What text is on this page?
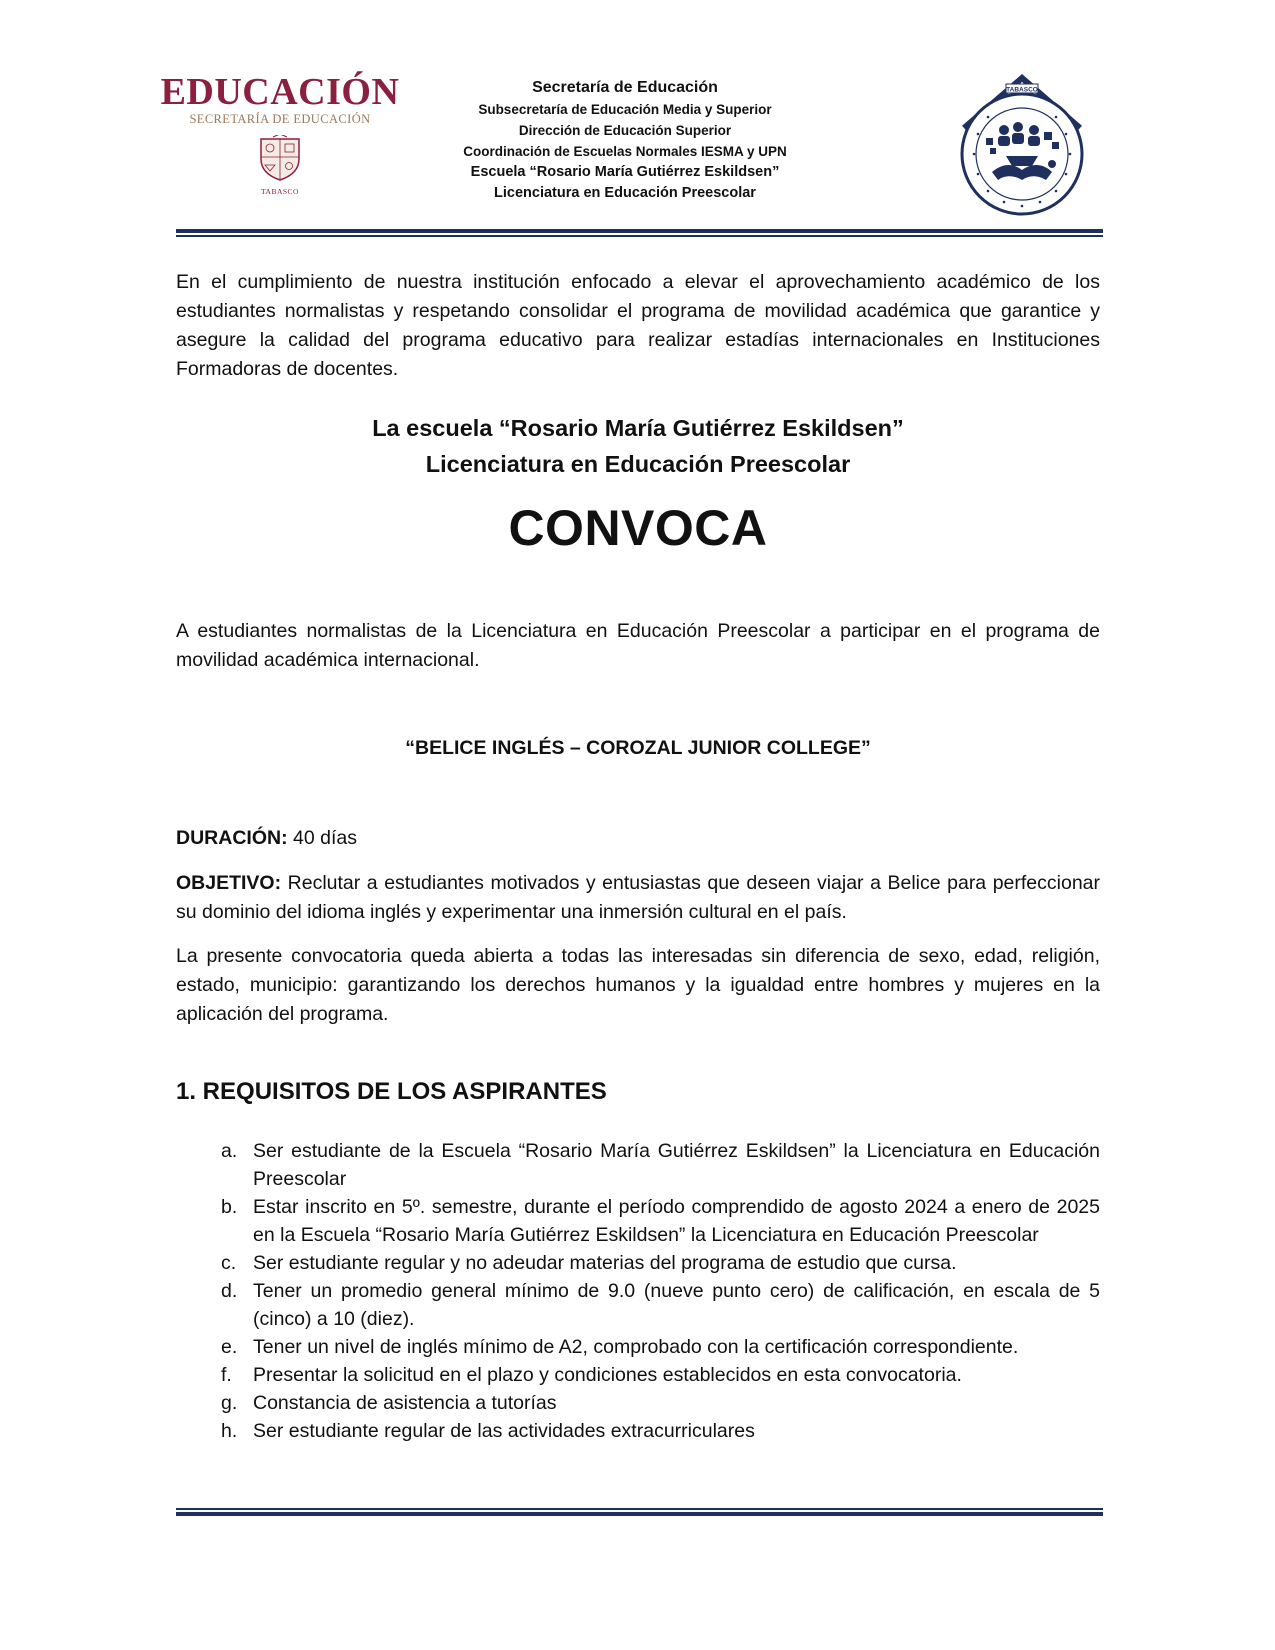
EDUCACIÓN
SECRETARÍA DE EDUCACIÓN
TABASCO
Secretaría de Educación
Subsecretaría de Educación Media y Superior
Dirección de Educación Superior
Coordinación de Escuelas Normales IESMA y UPN
Escuela “Rosario María Gutiérrez Eskildsen”
Licenciatura en Educación Preescolar
TABASCO
En el cumplimiento de nuestra institución enfocado a elevar el aprovechamiento académico de los estudiantes normalistas y respetando consolidar el programa de movilidad académica que garantice y asegure la calidad del programa educativo para realizar estadías internacionales en Instituciones Formadoras de docentes.
La escuela “Rosario María Gutiérrez Eskildsen”
Licenciatura en Educación Preescolar
CONVOCA
A estudiantes normalistas de la Licenciatura en Educación Preescolar a participar en el programa de movilidad académica internacional.
“BELICE INGLÉS – COROZAL JUNIOR COLLEGE”
DURACIÓN: 40 días
OBJETIVO: Reclutar a estudiantes motivados y entusiastas que deseen viajar a Belice para perfeccionar su dominio del idioma inglés y experimentar una inmersión cultural en el país.
La presente convocatoria queda abierta a todas las interesadas sin diferencia de sexo, edad, religión, estado, municipio: garantizando los derechos humanos y la igualdad entre hombres y mujeres en la aplicación del programa.
1. REQUISITOS DE LOS ASPIRANTES
a. Ser estudiante de la Escuela “Rosario María Gutiérrez Eskildsen” la Licenciatura en Educación Preescolar
b. Estar inscrito en 5º. semestre, durante el período comprendido de agosto 2024 a enero de 2025 en la Escuela “Rosario María Gutiérrez Eskildsen” la Licenciatura en Educación Preescolar
c. Ser estudiante regular y no adeudar materias del programa de estudio que cursa.
d. Tener un promedio general mínimo de 9.0 (nueve punto cero) de calificación, en escala de 5 (cinco) a 10 (diez).
e. Tener un nivel de inglés mínimo de A2, comprobado con la certificación correspondiente.
f.	Presentar la solicitud en el plazo y condiciones establecidos en esta convocatoria.
g. Constancia de asistencia a tutorías
h. Ser estudiante regular de las actividades extracurriculares
